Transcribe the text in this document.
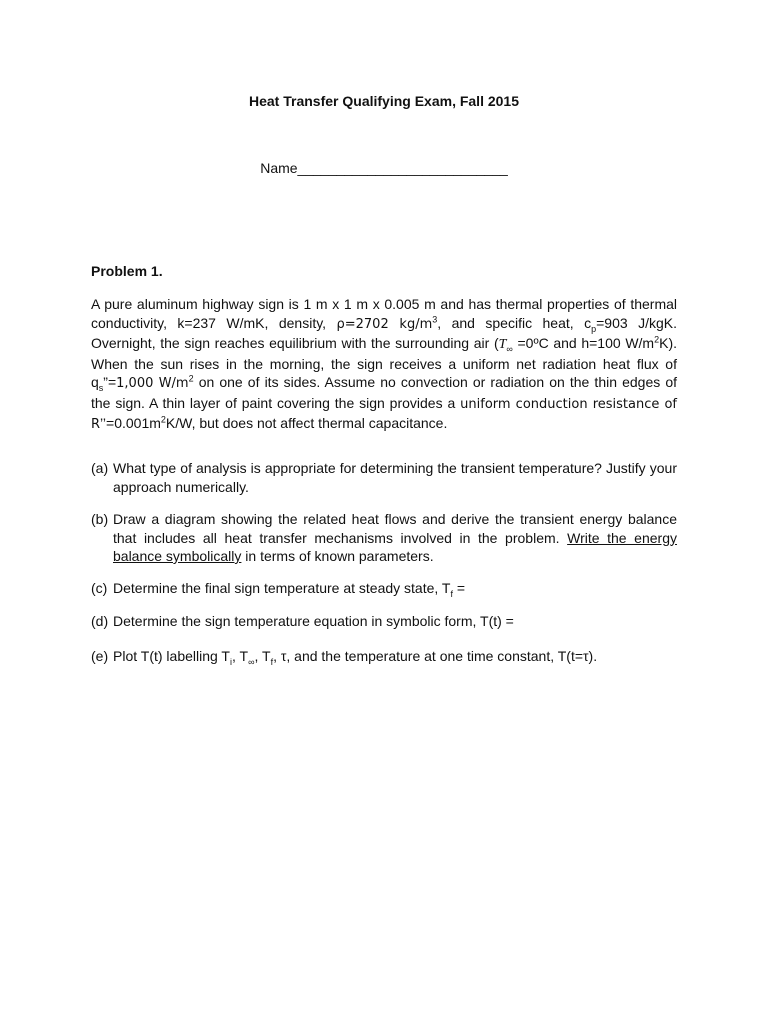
Heat Transfer Qualifying Exam, Fall 2015
Name___________________________
Problem 1.
A pure aluminum highway sign is 1 m x 1 m x 0.005 m and has thermal properties of thermal conductivity, k=237 W/mK, density, ρ=2702 $kg/m^3$, and specific heat, $c_p=903$ J/kgK. Overnight, the sign reaches equilibrium with the surrounding air ($T_\infty$ =0ºC and h=100 $W/m^2K$). When the sun rises in the morning, the sign receives a uniform net radiation heat flux of $q_s”=1,000$ $W/m^2$ on one of its sides. Assume no convection or radiation on the thin edges of the sign. A thin layer of paint covering the sign provides a uniform conduction resistance of $R’’=0.001m^2K/W$, but does not affect thermal capacitance.
(a) What type of analysis is appropriate for determining the transient temperature? Justify your approach numerically.
(b) Draw a diagram showing the related heat flows and derive the transient energy balance that includes all heat transfer mechanisms involved in the problem. Write the energy balance symbolically in terms of known parameters.
(c) Determine the final sign temperature at steady state, $T_f$ =
(d) Determine the sign temperature equation in symbolic form, T(t) =
(e) Plot T(t) labelling $T_i$, $T_\infty$, $T_f$, τ, and the temperature at one time constant, T(t=τ).
